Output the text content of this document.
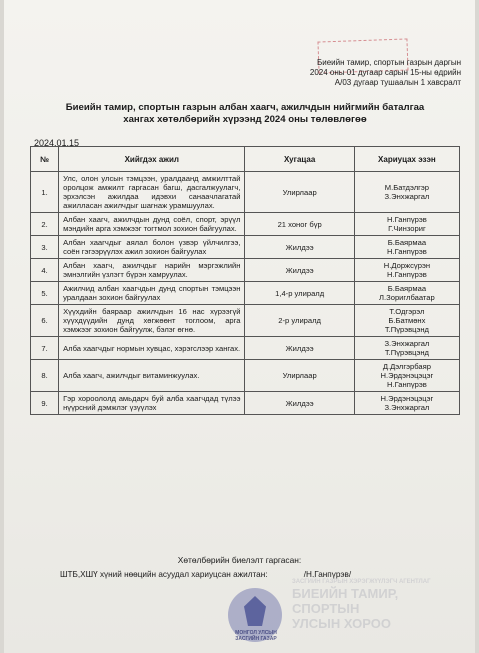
Биеийн тамир, спортын газрын даргын
2024 оны 01 дугаар сарын 15-ны өдрийн
А/03 дугаар тушаалын 1 хавсралт
Биеийн тамир, спортын газрын албан хаагч, ажилчдын нийгмийн баталгаа
хангах хөтөлбөрийн хүрээнд 2024 оны төлөвлөгөө
2024.01.15
№	Хийгдэх ажил	Хугацаа	Хариуцах эзэн
1.	Улс, олон улсын тэмцээн, уралдаанд амжилттай оролцож амжилт гаргасан багш, дасгалжуулагч, эрхэлсэн ажилдаа идэвхи санаачлагатай ажилласан ажилчдыг шагнаж урамшуулах.	Улирлаар	М.Батдэлгэр
З.Энхжаргал

2.	Албан хаагч, ажилчдын дунд соёл, спорт, эрүүл мэндийн арга хэмжээг тогтмол зохион байгуулах.	21 хоног бүр	Н.Ганпүрэв
Г.Чинзориг

3.	Албан хаагчдыг аялал болон үзвэр үйлчилгээ, соён гэгээрүүлэх ажил зохион байгуулах	Жилдээ	Б.Баярмаа
Н.Ганпүрэв

4.	Албан хаагч, ажилчдыг нарийн мэргэжлийн эмнэлгийн үзлэгт бүрэн хамруулах.	Жилдээ	Н.Доржсүрэн
Н.Ганпүрэв

5.	Ажилчид албан хаагчдын дунд спортын тэмцээн уралдаан зохион байгуулах	1,4-р улиралд	Б.Баярмаа
Л.Зориглбаатар

6.	Хүүхдийн баяраар ажилчдын 16 нас хүрээгүй хүүхдүүдийн дунд хөгжөөнт тоглоом, арга хэмжээг зохион байгуулж, бэлэг өгнө.	2-р улиралд	Т.Одгэрэл
Б.Батмөнх
Т.Пүрэвцэнд

7.	Алба хаагчдыг нормын хувцас, хэрэгслээр хангах.	Жилдээ	З.Энхжаргал
Т.Пүрэвцэнд

8.	Алба хаагч, ажилчдыг витаминжуулах.	Улирлаар	Д.Дэлгэрбаяр
Н.Эрдэнэцэцэг
Н.Ганпүрэв

9.	Гэр хороололд амьдарч буй алба хаагчдад түлээ нүүрсний дэмжлэг үзүүлэх	Жилдээ	Н.Эрдэнэцэцэг
З.Энхжаргал
Хөтөлбөрийн биелэлт гаргасан:
ШТБ,ХШҮ хүний нөөцийн асуудал хариуцсан ажилтан:	/Н.Ганпүрэв/
МОНГОЛ УЛСЫН ЗАСГИЙН ГАЗАР
ЗАСГИЙН ГАЗРЫН ХЭРЭГЖҮҮЛЭГЧ АГЕНТЛАГ
БИЕИЙН ТАМИР, СПОРТЫН
УЛСЫН ХОРОО
